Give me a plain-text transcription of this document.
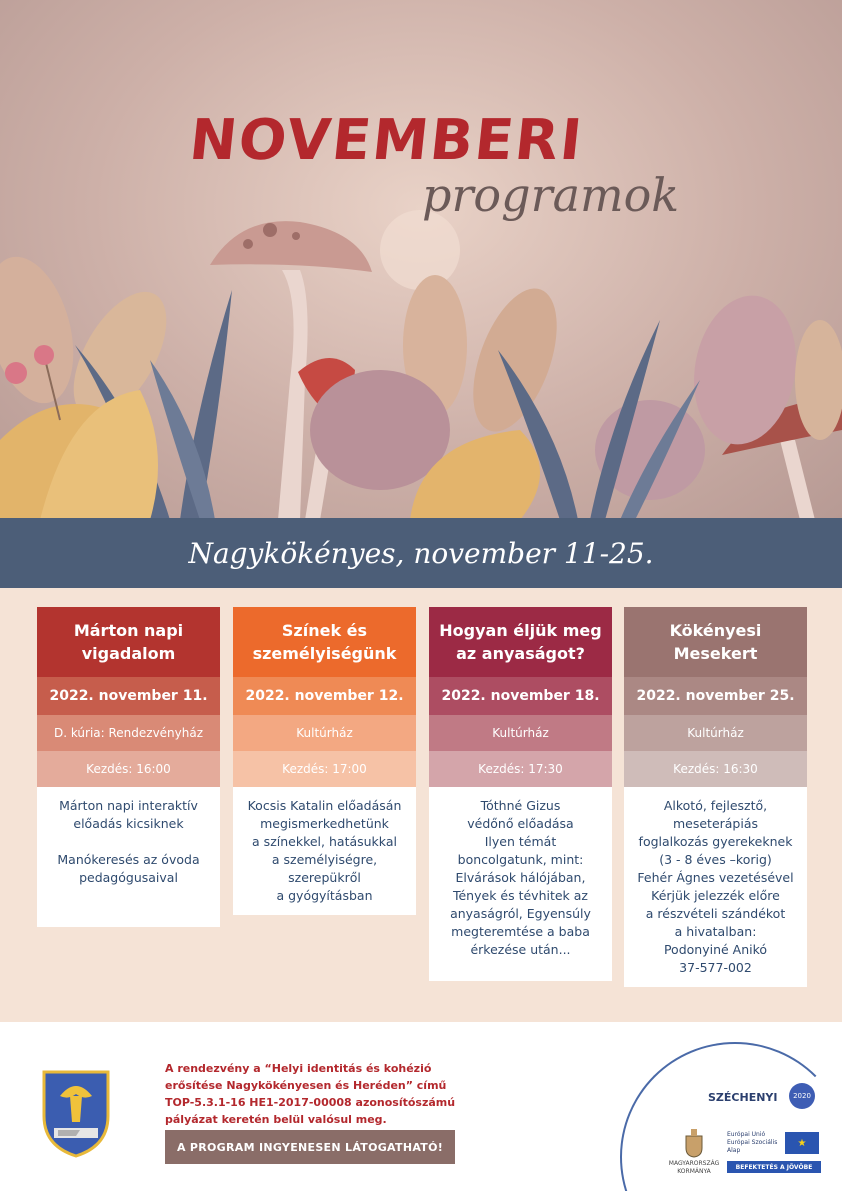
NOVEMBERI
programok
Nagykökényes, november 11-25.
Márton napi
vigadalom
2022. november 11.
D. kúria: Rendezvényház
Kezdés: 16:00
Márton napi interaktív
előadás kicsiknek

Manókeresés az óvoda
pedagógusaival
Színek és
személyiségünk
2022. november 12.
Kultúrház
Kezdés: 17:00
Kocsis Katalin előadásán
megismerkedhetünk
a színekkel, hatásukkal
a személyiségre,
szerepükről
a gyógyításban
Hogyan éljük meg
az anyaságot?
2022. november 18.
Kultúrház
Kezdés: 17:30
Tóthné Gizus
védőnő előadása
Ilyen témát
boncolgatunk, mint:
Elvárások hálójában,
Tények és tévhitek az
anyaságról, Egyensúly
megteremtése a baba
érkezése után...
Kökényesi
Mesekert
2022. november 25.
Kultúrház
Kezdés: 16:30
Alkotó, fejlesztő,
meseterápiás
foglalkozás gyerekeknek
(3 - 8 éves –korig)
Fehér Ágnes vezetésével
Kérjük jelezzék előre
a részvételi szándékot
a hivatalban:
Podonyiné Anikó
37-577-002
A rendezvény a “Helyi identitás és kohézió erősítése Nagykökényesen és Heréden” című TOP-5.3.1-16 HE1-2017-00008 azonosítószámú pályázat keretén belül valósul meg.
A PROGRAM INGYENESEN LÁTOGATHATÓ!
SZÉCHENYI	2020
MAGYARORSZÁG
KORMÁNYA
Európai Unió
Európai Szociális
Alap
★
BEFEKTETÉS A JÖVŐBE
